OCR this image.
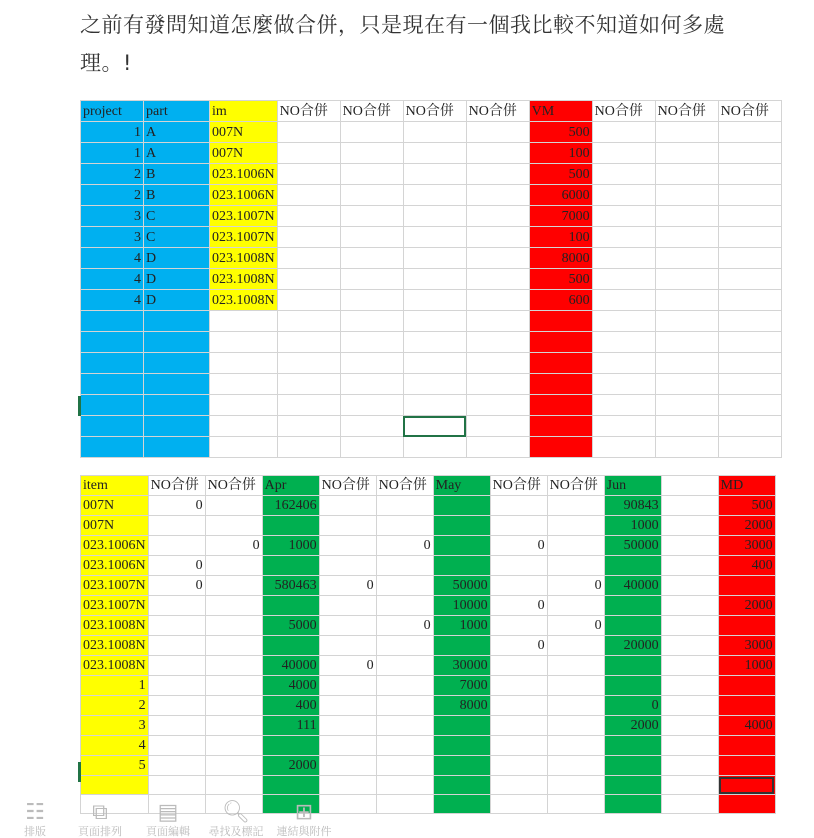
之前有發問知道怎麼做合併，只是現在有一個我比較不知道如何多處理。!
project	part	im	NO合併	NO合併	NO合併	NO合併	VM	NO合併	NO合併	NO合併
1	A	007N					500			
1	A	007N					100			
2	B	023.1006N					500			
2	B	023.1006N					6000			
3	C	023.1007N					7000			
3	C	023.1007N					100			
4	D	023.1008N					8000			
4	D	023.1008N					500			
4	D	023.1008N					600			

item	NO合併	NO合併	Apr	NO合併	NO合併	May	NO合併	NO合併	Jun		MD
007N	0		162406						90843		500
007N									1000		2000
023.1006N		0	1000		0		0		50000		3000
023.1006N	0										400
023.1007N	0		580463	0		50000		0	40000		
023.1007N						10000	0				2000
023.1008N			5000		0	1000		0			
023.1008N							0		20000		3000
023.1008N			40000	0		30000					1000
1			4000			7000					
2			400			8000			0		
3			111						2000		4000
4											
5			2000								

☷
排版
⧉
頁面排列
▤
頁面編輯
🔍︎
尋找及標記
⊞
連結與附件
